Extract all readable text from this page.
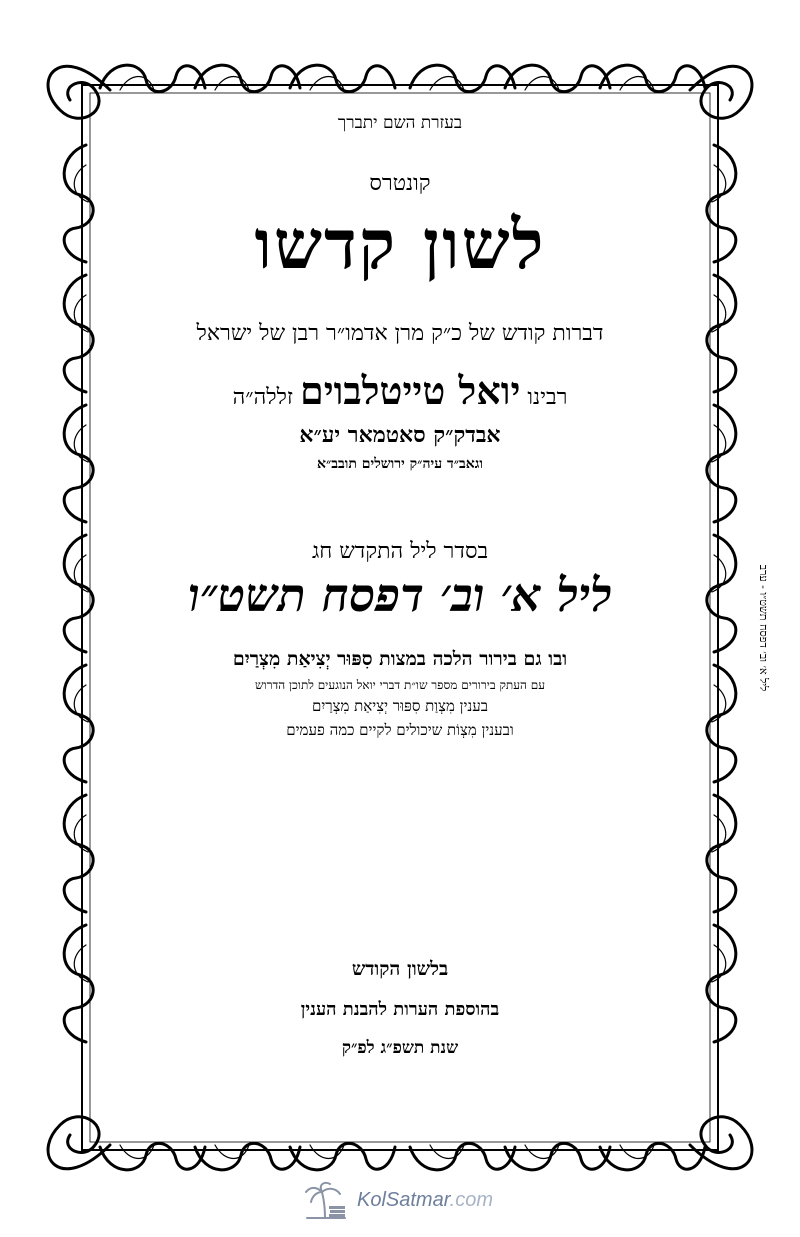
בעזרת השם יתברך
קונטרס
לשון קדשו
דברות קודש של כ״ק מרן אדמו״ר רבן של ישראל
רבינו יואל טייטלבוים זללה״ה
אבדק״ק סאטמאר יע״א
וגאב״ד עיה״ק ירושלים תובב״א
בסדר ליל התקדש חג
ליל א׳ וב׳ דפסח תשט״ו
ובו גם בירור הלכה במצות סִפּוּר יְצִיאַת מִצְרַיִם
עם העתק בירורים מספר שו״ת דברי יואל הנוגעים לתוכן הדרוש
בענין מִצְוַת סִפּוּר יְצִיאַת מִצְרַיִם
ובענין מִצְוֹת שיכולים לקיים כמה פעמים
בלשון הקודש
בהוספת הערות להבנת הענין
שנת תשפ״ג לפ״ק
ליל א׳ וב׳ דפסח תשט״ו - ערב
KolSatmar.com
